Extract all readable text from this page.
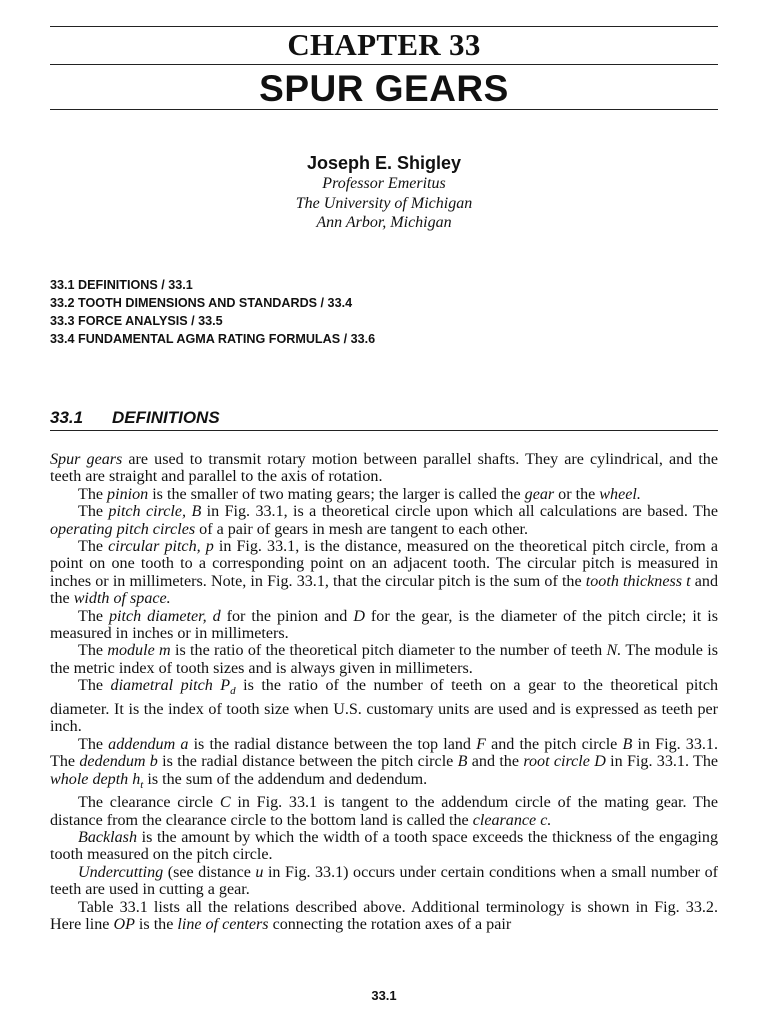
CHAPTER 33
SPUR GEARS
Joseph E. Shigley
Professor Emeritus
The University of Michigan
Ann Arbor, Michigan
33.1 DEFINITIONS / 33.1
33.2 TOOTH DIMENSIONS AND STANDARDS / 33.4
33.3 FORCE ANALYSIS / 33.5
33.4 FUNDAMENTAL AGMA RATING FORMULAS / 33.6
33.1 DEFINITIONS

Spur gears are used to transmit rotary motion between parallel shafts. They are cylindrical, and the teeth are straight and parallel to the axis of rotation.

The pinion is the smaller of two mating gears; the larger is called the gear or the wheel.

The pitch circle, B in Fig. 33.1, is a theoretical circle upon which all calculations are based. The operating pitch circles of a pair of gears in mesh are tangent to each other.

The circular pitch, p in Fig. 33.1, is the distance, measured on the theoretical pitch circle, from a point on one tooth to a corresponding point on an adjacent tooth. The circular pitch is measured in inches or in millimeters. Note, in Fig. 33.1, that the circular pitch is the sum of the tooth thickness t and the width of space.

The pitch diameter, d for the pinion and D for the gear, is the diameter of the pitch circle; it is measured in inches or in millimeters.

The module m is the ratio of the theoretical pitch diameter to the number of teeth N. The module is the metric index of tooth sizes and is always given in millimeters.

The diametral pitch $P_d$ is the ratio of the number of teeth on a gear to the theoretical pitch diameter. It is the index of tooth size when U.S. customary units are used and is expressed as teeth per inch.

The addendum a is the radial distance between the top land F and the pitch circle B in Fig. 33.1. The dedendum b is the radial distance between the pitch circle B and the root circle D in Fig. 33.1. The whole depth $h_t$ is the sum of the addendum and dedendum.

The clearance circle C in Fig. 33.1 is tangent to the addendum circle of the mating gear. The distance from the clearance circle to the bottom land is called the clearance c.

Backlash is the amount by which the width of a tooth space exceeds the thickness of the engaging tooth measured on the pitch circle.

Undercutting (see distance u in Fig. 33.1) occurs under certain conditions when a small number of teeth are used in cutting a gear.

Table 33.1 lists all the relations described above. Additional terminology is shown in Fig. 33.2. Here line OP is the line of centers connecting the rotation axes of a pair

33.1
